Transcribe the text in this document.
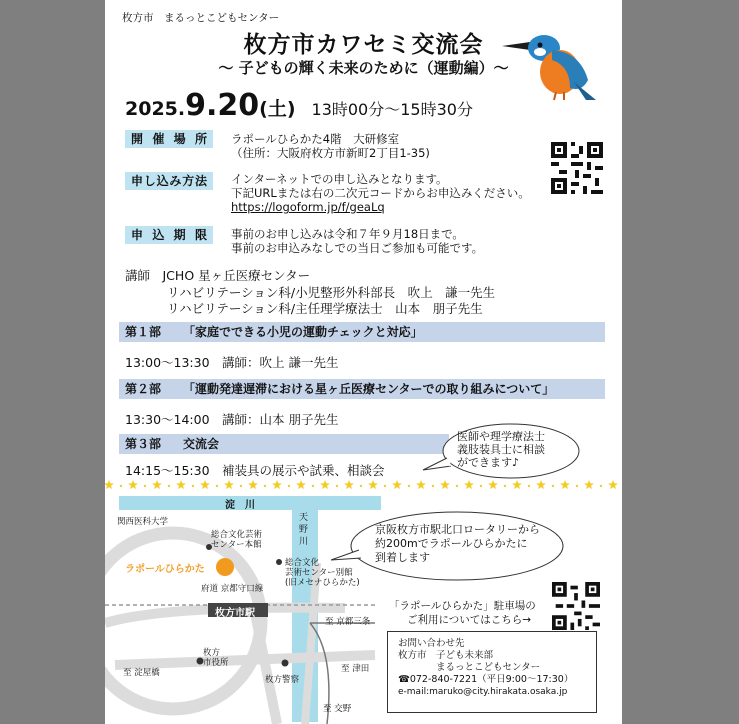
枚方市　まるっとこどもセンター
枚方市カワセミ交流会
～ 子どもの輝く未来のために（運動編）～
2025.9.20(土) 13時00分～15時30分
開催場所	ラポールひらかた4階　大研修室
（住所：大阪府枚方市新町2丁目1-35)
申し込み方法	インターネットでの申し込みとなります。
下記URLまたは右の二次元コードからお申込みください。
https://logoform.jp/f/geaLq
申込期限	事前のお申し込みは令和７年９月18日まで。
事前のお申込みなしでの当日ご参加も可能です。
講師　JCHO 星ヶ丘医療センター
リハビリテーション科/小児整形外科部長　吹上　謙一先生
リハビリテーション科/主任理学療法士　山本　朋子先生
第１部 「家庭でできる小児の運動チェックと対応」
13:00～13:30　講師：吹上 謙一先生
第２部 「運動発達遅滞における星ヶ丘医療センターでの取り組みについて」
13:30～14:00　講師：山本 朋子先生
第３部 交流会
14:15～15:30　補装具の展示や試乗、相談会
医師や理学療法士
義肢装具士に相談
ができます♪
淀　川
天
野
川
関西医科大学
総合文化芸術
センター本館
総合文化
芸術センター別館
(旧メセナひらかた)
ラポールひらかた
府道 京都守口線
枚方市駅
至 京都三条
枚方
市役所
枚方警察
至 淀屋橋	至 津田
至 交野
京阪枚方市駅北口ロータリーから
約200mでラポールひらかたに
到着します
「ラポールひらかた」駐車場の
ご利用についてはこちら→
お問い合わせ先
枚方市　子ども未来部
まるっとこどもセンター
☎072-840-7221（平日9:00～17:30）
e-mail:maruko@city.hirakata.osaka.jp
